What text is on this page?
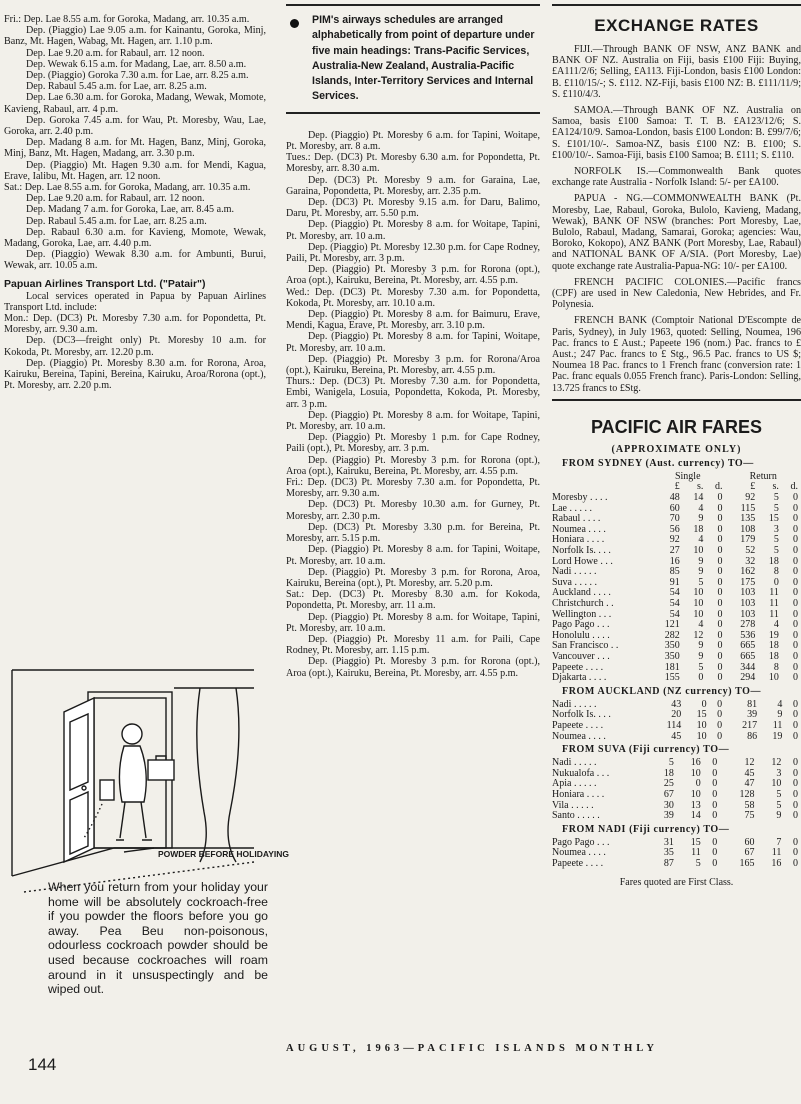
Fri.: Dep. Lae 8.55 a.m. for Goroka, Madang, arr. 10.35 a.m.

Dep. (Piaggio) Lae 9.05 a.m. for Kainantu, Goroka, Minj, Banz, Mt. Hagen, Wabag, Mt. Hagen, arr. 1.10 p.m.

Dep. Lae 9.20 a.m. for Rabaul, arr. 12 noon.

Dep. Wewak 6.15 a.m. for Madang, Lae, arr. 8.50 a.m.

Dep. (Piaggio) Goroka 7.30 a.m. for Lae, arr. 8.25 a.m.

Dep. Rabaul 5.45 a.m. for Lae, arr. 8.25 a.m.

Dep. Lae 6.30 a.m. for Goroka, Madang, Wewak, Momote, Kavieng, Rabaul, arr. 4 p.m.

Dep. Goroka 7.45 a.m. for Wau, Pt. Moresby, Wau, Lae, Goroka, arr. 2.40 p.m.

Dep. Madang 8 a.m. for Mt. Hagen, Banz, Minj, Goroka, Minj, Banz, Mt. Hagen, Madang, arr. 3.30 p.m.

Dep. (Piaggio) Mt. Hagen 9.30 a.m. for Mendi, Kagua, Erave, Ialibu, Mt. Hagen, arr. 12 noon.

Sat.: Dep. Lae 8.55 a.m. for Goroka, Madang, arr. 10.35 a.m.

Dep. Lae 9.20 a.m. for Rabaul, arr. 12 noon.

Dep. Madang 7 a.m. for Goroka, Lae, arr. 8.45 a.m.

Dep. Rabaul 5.45 a.m. for Lae, arr. 8.25 a.m.

Dep. Rabaul 6.30 a.m. for Kavieng, Momote, Wewak, Madang, Goroka, Lae, arr. 4.40 p.m.

Dep. (Piaggio) Wewak 8.30 a.m. for Ambunti, Burui, Wewak, arr. 10.05 a.m.

Papuan Airlines Transport Ltd. ("Patair")

Local services operated in Papua by Papuan Airlines Transport Ltd. include:

Mon.: Dep. (DC3) Pt. Moresby 7.30 a.m. for Popondetta, Pt. Moresby, arr. 9.30 a.m.

Dep. (DC3—freight only) Pt. Moresby 10 a.m. for Kokoda, Pt. Moresby, arr. 12.20 p.m.

Dep. (Piaggio) Pt. Moresby 8.30 a.m. for Rorona, Aroa, Kairuku, Bereina, Tapini, Bereina, Kairuku, Aroa/Rorona (opt.), Pt. Moresby, arr. 2.20 p.m.

POWDER BEFORE HOLIDAYING
When you return from your holiday your home will be absolutely cockroach-free if you powder the floors before you go away. Pea Beu non-poisonous, odourless cockroach powder should be used because cockroaches will roam around in it unsuspectingly and be wiped out.
PIM's airways schedules are arranged alphabetically from point of departure under five main headings: Trans-Pacific Services, Australia-New Zealand, Australia-Pacific Islands, Inter-Territory Services and Internal Services.

Dep. (Piaggio) Pt. Moresby 6 a.m. for Tapini, Woitape, Pt. Moresby, arr. 8 a.m.

Tues.: Dep. (DC3) Pt. Moresby 6.30 a.m. for Popondetta, Pt. Moresby, arr. 8.30 a.m.

Dep. (DC3) Pt. Moresby 9 a.m. for Garaina, Lae, Garaina, Popondetta, Pt. Moresby, arr. 2.35 p.m.

Dep. (DC3) Pt. Moresby 9.15 a.m. for Daru, Balimo, Daru, Pt. Moresby, arr. 5.50 p.m.

Dep. (Piaggio) Pt. Moresby 8 a.m. for Woitape, Tapini, Pt. Moresby, arr. 10 a.m.

Dep. (Piaggio) Pt. Moresby 12.30 p.m. for Cape Rodney, Paili, Pt. Moresby, arr. 3 p.m.

Dep. (Piaggio) Pt. Moresby 3 p.m. for Rorona (opt.), Aroa (opt.), Kairuku, Bereina, Pt. Moresby, arr. 4.55 p.m.

Wed.: Dep. (DC3) Pt. Moresby 7.30 a.m. for Popondetta, Kokoda, Pt. Moresby, arr. 10.10 a.m.

Dep. (Piaggio) Pt. Moresby 8 a.m. for Baimuru, Erave, Mendi, Kagua, Erave, Pt. Moresby, arr. 3.10 p.m.

Dep. (Piaggio) Pt. Moresby 8 a.m. for Tapini, Woitape, Pt. Moresby, arr. 10 a.m.

Dep. (Piaggio) Pt. Moresby 3 p.m. for Rorona/Aroa (opt.), Kairuku, Bereina, Pt. Moresby, arr. 4.55 p.m.

Thurs.: Dep. (DC3) Pt. Moresby 7.30 a.m. for Popondetta, Embi, Wanigela, Losuia, Popondetta, Kokoda, Pt. Moresby, arr. 3 p.m.

Dep. (Piaggio) Pt. Moresby 8 a.m. for Woitape, Tapini, Pt. Moresby, arr. 10 a.m.

Dep. (Piaggio) Pt. Moresby 1 p.m. for Cape Rodney, Paili (opt.), Pt. Moresby, arr. 3 p.m.

Dep. (Piaggio) Pt. Moresby 3 p.m. for Rorona (opt.), Aroa (opt.), Kairuku, Bereina, Pt. Moresby, arr. 4.55 p.m.

Fri.: Dep. (DC3) Pt. Moresby 7.30 a.m. for Popondetta, Pt. Moresby, arr. 9.30 a.m.

Dep. (DC3) Pt. Moresby 10.30 a.m. for Gurney, Pt. Moresby, arr. 2.30 p.m.

Dep. (DC3) Pt. Moresby 3.30 p.m. for Bereina, Pt. Moresby, arr. 5.15 p.m.

Dep. (Piaggio) Pt. Moresby 8 a.m. for Tapini, Woitape, Pt. Moresby, arr. 10 a.m.

Dep. (Piaggio) Pt. Moresby 3 p.m. for Rorona, Aroa, Kairuku, Bereina (opt.), Pt. Moresby, arr. 5.20 p.m.

Sat.: Dep. (DC3) Pt. Moresby 8.30 a.m. for Kokoda, Popondetta, Pt. Moresby, arr. 11 a.m.

Dep. (Piaggio) Pt. Moresby 8 a.m. for Woitape, Tapini, Pt. Moresby, arr. 10 a.m.

Dep. (Piaggio) Pt. Moresby 11 a.m. for Paili, Cape Rodney, Pt. Moresby, arr. 1.15 p.m.

Dep. (Piaggio) Pt. Moresby 3 p.m. for Rorona (opt.), Aroa (opt.), Kairuku, Bereina, Pt. Moresby, arr. 4.55 p.m.

EXCHANGE RATES

FIJI.—Through BANK OF NSW, ANZ BANK and BANK OF NZ. Australia on Fiji, basis £100 Fiji: Buying, £A111/2/6; Selling, £A113. Fiji-London, basis £100 London: B. £110/15/-; S. £112. NZ-Fiji, basis £100 NZ: B. £111/11/9; S. £110/4/3.

SAMOA.—Through BANK OF NZ. Australia on Samoa, basis £100 Samoa: T. T. B. £A123/12/6; S. £A124/10/9. Samoa-London, basis £100 London: B. £99/7/6; S. £101/10/-. Samoa-NZ, basis £100 NZ: B. £100; S. £100/10/-. Samoa-Fiji, basis £100 Samoa; B. £111; S. £110.

NORFOLK IS.—Commonwealth Bank quotes exchange rate Australia - Norfolk Island: 5/- per £A100.

PAPUA - NG.—COMMONWEALTH BANK (Pt. Moresby, Lae, Rabaul, Goroka, Bulolo, Kavieng, Madang, Wewak), BANK OF NSW (branches: Port Moresby, Lae, Bulolo, Rabaul, Madang, Samarai, Goroka; agencies: Wau, Boroko, Kokopo), ANZ BANK (Port Moresby, Lae, Rabaul) and NATIONAL BANK OF A/SIA. (Port Moresby, Lae) quote exchange rate Australia-Papua-NG: 10/- per £A100.

FRENCH PACIFIC COLONIES.—Pacific francs (CPF) are used in New Caledonia, New Hebrides, and Fr. Polynesia.

FRENCH BANK (Comptoir National D'Escompte de Paris, Sydney), in July 1963, quoted: Selling, Noumea, 196 Pac. francs to £ Aust.; Papeete 196 (nom.) Pac. francs to £ Aust.; 247 Pac. francs to £ Stg., 96.5 Pac. francs to US $; Noumea 18 Pac. francs to 1 French franc (conversion rate: 1 Pac. franc equals 0.055 French franc). Paris-London: Selling, 13.725 francs to £Stg.

PACIFIC AIR FARES
(APPROXIMATE ONLY)
FROM SYDNEY (Aust. currency) TO—
	Single			Return		
	£	s.	d.	£	s.	d.
Moresby . . . .	48	14	0	92	5	0
Lae . . . . .	60	4	0	115	5	0
Rabaul . . . .	70	9	0	135	15	0
Noumea . . . .	56	18	0	108	3	0
Honiara . . . .	92	4	0	179	5	0
Norfolk Is. . . .	27	10	0	52	5	0
Lord Howe . . .	16	9	0	32	18	0
Nadi . . . . .	85	9	0	162	8	0
Suva . . . . .	91	5	0	175	0	0
Auckland . . . .	54	10	0	103	11	0
Christchurch . .	54	10	0	103	11	0
Wellington . . .	54	10	0	103	11	0
Pago Pago . . .	121	4	0	278	4	0
Honolulu . . . .	282	12	0	536	19	0
San Francisco . .	350	9	0	665	18	0
Vancouver . . .	350	9	0	665	18	0
Papeete . . . .	181	5	0	344	8	0
Djakarta . . . .	155	0	0	294	10	0
FROM AUCKLAND (NZ currency) TO—
Nadi . . . . .	43	0	0	81	4	0
Norfolk Is. . . .	20	15	0	39	9	0
Papeete . . . .	114	10	0	217	11	0
Noumea . . . .	45	10	0	86	19	0
FROM SUVA (Fiji currency) TO—
Nadi . . . . .	5	16	0	12	12	0
Nukualofa . . .	18	10	0	45	3	0
Apia . . . . .	25	0	0	47	10	0
Honiara . . . .	67	10	0	128	5	0
Vila . . . . .	30	13	0	58	5	0
Santo . . . . .	39	14	0	75	9	0
FROM NADI (Fiji currency) TO—
Pago Pago . . .	31	15	0	60	7	0
Noumea . . . .	35	11	0	67	11	0
Papeete . . . .	87	5	0	165	16	0
Fares quoted are First Class.
144
AUGUST, 1963—PACIFIC ISLANDS MONTHLY
